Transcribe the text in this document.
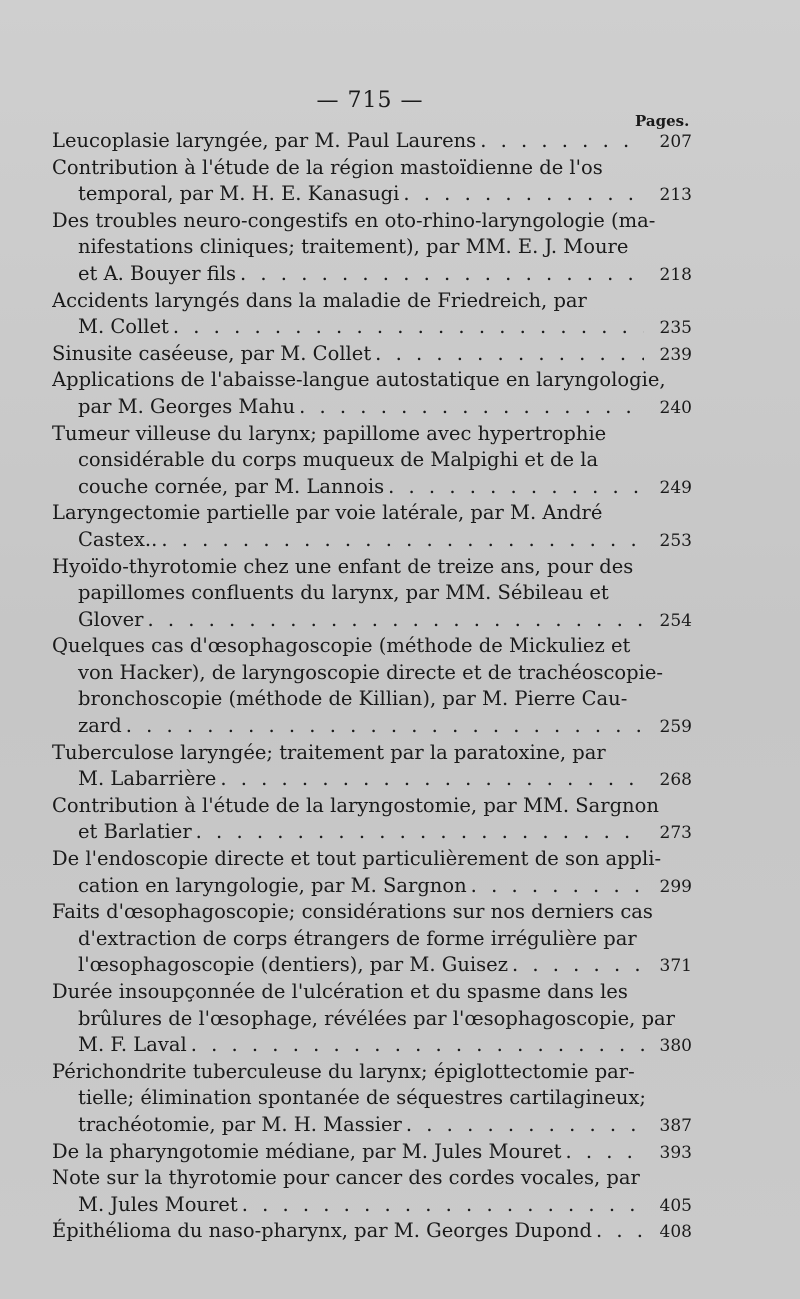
— 715 —
Pages.
Leucoplasie laryngée, par M. Paul Laurens . . .	207
Contribution à l'étude de la région mastoïdienne de l'os
temporal, par M. H. E. Kanasugi . . .	213
Des troubles neuro-congestifs en oto-rhino-laryngologie (ma-
nifestations cliniques; traitement), par MM. E. J. Moure
et A. Bouyer fils . . .	218
Accidents laryngés dans la maladie de Friedreich, par
M. Collet . . .	235
Sinusite caséeuse, par M. Collet . . .	239
Applications de l'abaisse-langue autostatique en laryngologie,
par M. Georges Mahu . . .	240
Tumeur villeuse du larynx; papillome avec hypertrophie
considérable du corps muqueux de Malpighi et de la
couche cornée, par M. Lannois . . .	249
Laryngectomie partielle par voie latérale, par M. André
Castex.. . . .	253
Hyoïdo-thyrotomie chez une enfant de treize ans, pour des
papillomes confluents du larynx, par MM. Sébileau et
Glover . . .	254
Quelques cas d'œsophagoscopie (méthode de Mickuliez et
von Hacker), de laryngoscopie directe et de trachéoscopie-
bronchoscopie (méthode de Killian), par M. Pierre Cau-
zard . . .	259
Tuberculose laryngée; traitement par la paratoxine, par
M. Labarrière . . .	268
Contribution à l'étude de la laryngostomie, par MM. Sargnon
et Barlatier . . .	273
De l'endoscopie directe et tout particulièrement de son appli-
cation en laryngologie, par M. Sargnon . . .	299
Faits d'œsophagoscopie; considérations sur nos derniers cas
d'extraction de corps étrangers de forme irrégulière par
l'œsophagoscopie (dentiers), par M. Guisez . . .	371
Durée insoupçonnée de l'ulcération et du spasme dans les
brûlures de l'œsophage, révélées par l'œsophagoscopie, par
M. F. Laval . . .	380
Périchondrite tuberculeuse du larynx; épiglottectomie par-
tielle; élimination spontanée de séquestres cartilagineux;
trachéotomie, par M. H. Massier . . .	387
De la pharyngotomie médiane, par M. Jules Mouret . . .	393
Note sur la thyrotomie pour cancer des cordes vocales, par
M. Jules Mouret . . .	405
Épithélioma du naso-pharynx, par M. Georges Dupond . . .	408
